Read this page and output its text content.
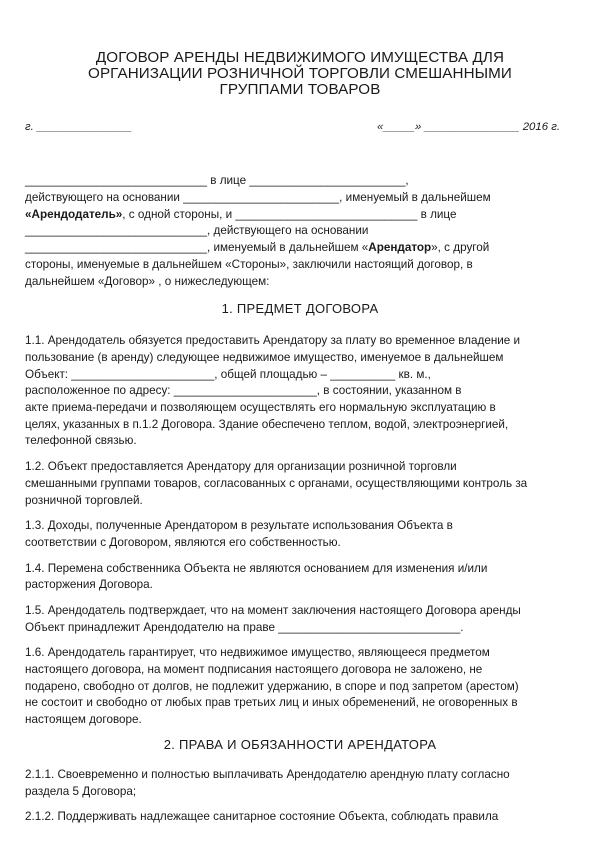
ДОГОВОР АРЕНДЫ НЕДВИЖИМОГО ИМУЩЕСТВА ДЛЯ
ОРГАНИЗАЦИИ РОЗНИЧНОЙ ТОРГОВЛИ СМЕШАННЫМИ
ГРУППАМИ ТОВАРОВ
г. _______________	«_____» _______________ 2016 г.
____________________________ в лице ________________________,
действующего на основании ________________________, именуемый в дальнейшем
«Арендодатель», с одной стороны, и ____________________________ в лице
____________________________, действующего на основании
____________________________, именуемый в дальнейшем «Арендатор», с другой
стороны, именуемые в дальнейшем «Стороны», заключили настоящий договор, в
дальнейшем «Договор» , о нижеследующем:
1. ПРЕДМЕТ ДОГОВОРА
1.1. Арендодатель обязуется предоставить Арендатору за плату во временное владение и
пользование (в аренду) следующее недвижимое имущество, именуемое в дальнейшем
Объект: ______________________, общей площадью – __________ кв. м.,
расположенное по адресу: ______________________, в состоянии, указанном в
акте приема-передачи и позволяющем осуществлять его нормальную эксплуатацию в
целях, указанных в п.1.2 Договора. Здание обеспечено теплом, водой, электроэнергией,
телефонной связью.
1.2. Объект предоставляется Арендатору для организации розничной торговли
смешанными группами товаров, согласованных с органами, осуществляющими контроль за
розничной торговлей.
1.3. Доходы, полученные Арендатором в результате использования Объекта в
соответствии с Договором, являются его собственностью.
1.4. Перемена собственника Объекта не являются основанием для изменения и/или
расторжения Договора.
1.5. Арендодатель подтверждает, что на момент заключения настоящего Договора аренды
Объект принадлежит Арендодателю на праве ____________________________.
1.6. Арендодатель гарантирует, что недвижимое имущество, являющееся предметом
настоящего договора, на момент подписания настоящего договора не заложено, не
подарено, свободно от долгов, не подлежит удержанию, в споре и под запретом (арестом)
не состоит и свободно от любых прав третьих лиц и иных обременений, не оговоренных в
настоящем договоре.
2. ПРАВА И ОБЯЗАННОСТИ АРЕНДАТОРА
2.1.1. Своевременно и полностью выплачивать Арендодателю арендную плату согласно
раздела 5 Договора;
2.1.2. Поддерживать надлежащее санитарное состояние Объекта, соблюдать правила
